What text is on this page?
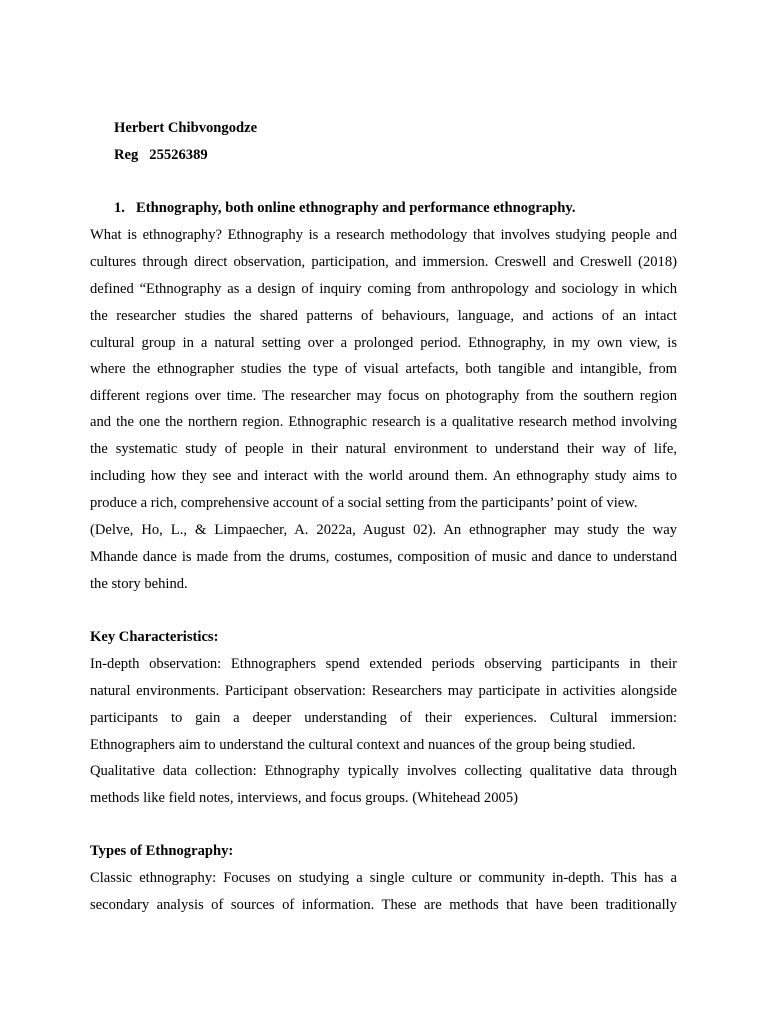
Herbert Chibvongodze
Reg 25526389
1. Ethnography, both online ethnography and performance ethnography.
What is ethnography? Ethnography is a research methodology that involves studying people and
cultures through direct observation, participation, and immersion. Creswell and Creswell (2018)
defined “Ethnography as a design of inquiry coming from anthropology and sociology in which
the researcher studies the shared patterns of behaviours, language, and actions of an intact
cultural group in a natural setting over a prolonged period. Ethnography, in my own view, is
where the ethnographer studies the type of visual artefacts, both tangible and intangible, from
different regions over time. The researcher may focus on photography from the southern region
and the one the northern region. Ethnographic research is a qualitative research method involving
the systematic study of people in their natural environment to understand their way of life,
including how they see and interact with the world around them. An ethnography study aims to
produce a rich, comprehensive account of a social setting from the participants’ point of view.
(Delve, Ho, L., & Limpaecher, A. 2022a, August 02). An ethnographer may study the way
Mhande dance is made from the drums, costumes, composition of music and dance to understand
the story behind.
Key Characteristics:
In-depth observation: Ethnographers spend extended periods observing participants in their
natural environments. Participant observation: Researchers may participate in activities alongside
participants to gain a deeper understanding of their experiences. Cultural immersion:
Ethnographers aim to understand the cultural context and nuances of the group being studied.
Qualitative data collection: Ethnography typically involves collecting qualitative data through
methods like field notes, interviews, and focus groups. (Whitehead 2005)
Types of Ethnography:
Classic ethnography: Focuses on studying a single culture or community in-depth. This has a
secondary analysis of sources of information. These are methods that have been traditionally
